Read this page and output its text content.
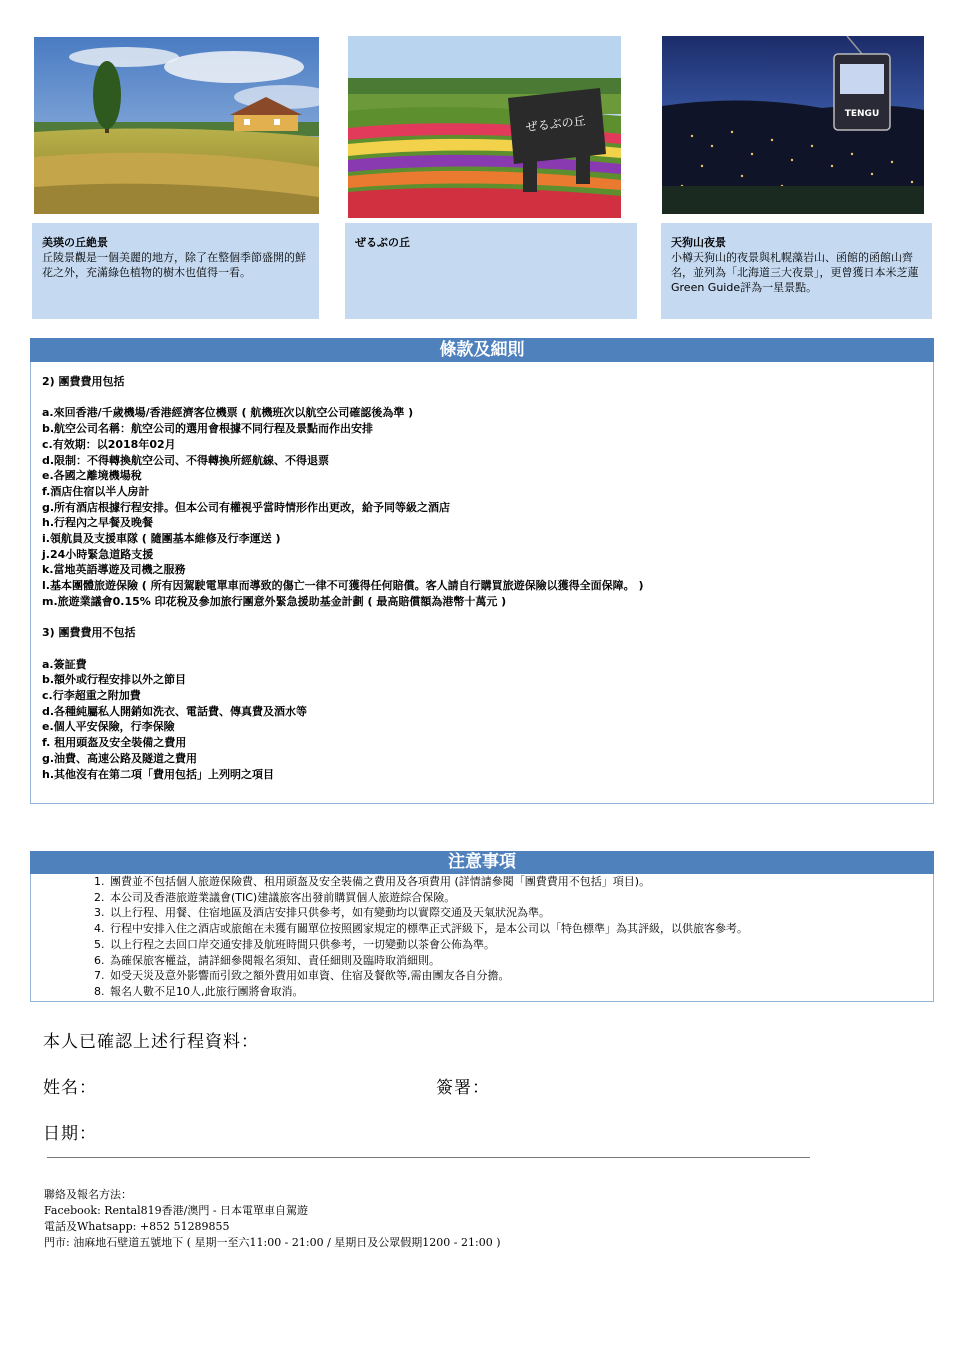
ぜるぶの丘	TENGU
美瑛の丘絶景
丘陵景觀是一個美麗的地方，除了在整個季節盛開的鮮花之外，充滿綠色植物的樹木也值得一看。
ぜるぶの丘	天狗山夜景
小樽天狗山的夜景與札幌藻岩山、函館的函館山齊名，並列為「北海道三大夜景」，更曾獲日本米芝蓮Green Guide評為一星景點。
條款及細則

2) 團費費用包括

a.來回香港/千歲機場/香港經濟客位機票 ( 航機班次以航空公司確認後為準 )

b.航空公司名稱：航空公司的選用會根據不同行程及景點而作出安排

c.有效期：以2018年02月

d.限制：不得轉換航空公司、不得轉換所經航線、不得退票

e.各國之離境機場稅

f.酒店住宿以半人房計

g.所有酒店根據行程安排。但本公司有權視乎當時情形作出更改，給予同等級之酒店

h.行程內之早餐及晚餐

i.領航員及支援車隊 ( 隨團基本維修及行李運送 )

j.24小時緊急道路支援

k.當地英語導遊及司機之服務

l.基本團體旅遊保險 ( 所有因駕駛電單車而導致的傷亡一律不可獲得任何賠償。客人請自行購買旅遊保險以獲得全面保障。 )

m.旅遊業議會0.15% 印花稅及參加旅行團意外緊急援助基金計劃 ( 最高賠償額為港幣十萬元 )

3) 團費費用不包括

a.簽証費

b.額外或行程安排以外之節目

c.行李超重之附加費

d.各種純屬私人開銷如洗衣、電話費、傳真費及酒水等

e.個人平安保險，行李保險

f. 租用頭盔及安全裝備之費用

g.油費、高速公路及隧道之費用

h.其他沒有在第二項「費用包括」上列明之項目

注意事項
1. 團費並不包括個人旅遊保險費、租用頭盔及安全裝備之費用及各項費用 (詳情請參閱「團費費用不包括」項目)。
2. 本公司及香港旅遊業議會(TIC)建議旅客出發前購買個人旅遊綜合保險。
3. 以上行程、用餐、住宿地區及酒店安排只供參考，如有變動均以實際交通及天氣狀況為準。
4. 行程中安排入住之酒店或旅館在未獲有關單位按照國家規定的標準正式評級下，是本公司以「特色標準」為其評級，以供旅客參考。
5. 以上行程之去回口岸交通安排及航班時間只供參考，一切變動以茶會公佈為準。
6. 為確保旅客權益，請詳細參閱報名須知、責任細則及臨時取消細則。
7. 如受天災及意外影響而引致之額外費用如車資、住宿及餐飲等,需由團友各自分擔。
8. 報名人數不足10人,此旅行團將會取消。
本人已確認上述行程資料：
姓名：	簽署：
日期：
聯絡及報名方法：
Facebook: Rental819香港/澳門 - 日本電單車自駕遊
電話及Whatsapp: +852 51289855
門市: 油麻地石壁道五號地下 ( 星期一至六11:00 - 21:00 / 星期日及公眾假期1200 - 21:00 )
